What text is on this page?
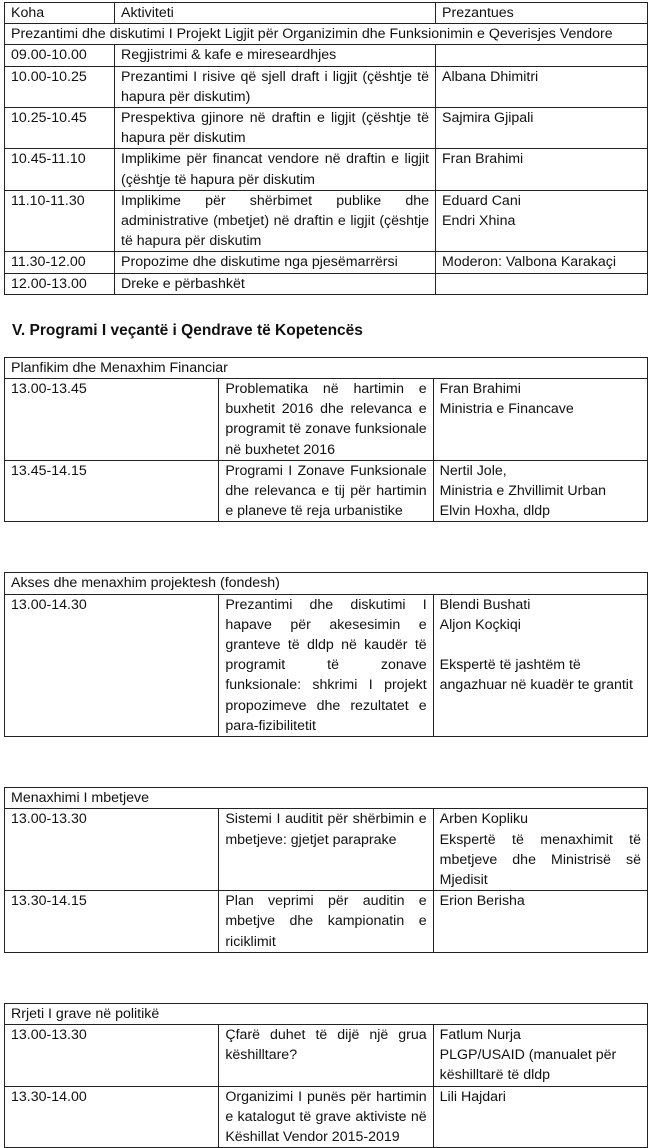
Koha	Aktiviteti	Prezantues
Prezantimi dhe diskutimi I Projekt Ligjit për Organizimin dhe Funksionimin e Qeverisjes Vendore		
09.00-10.00	Regjistrimi & kafe e mireseardhjes	
10.00-10.25	Prezantimi I risive që sjell draft i ligjit (çështje të hapura për diskutim)	Albana Dhimitri
10.25-10.45	Prespektiva gjinore në draftin e ligjit (çështje të hapura për diskutim	Sajmira Gjipali
10.45-11.10	Implikime për financat vendore në draftin e ligjit (çështje të hapura për diskutim	Fran Brahimi
11.10-11.30	Implikime për shërbimet publike dhe administrative (mbetjet) në draftin e ligjit (çështje të hapura për diskutim	Eduard Cani
Endri Xhina

11.30-12.00	Propozime dhe diskutime nga pjesëmarrërsi	Moderon: Valbona Karakaçi
12.00-13.00	Dreke e përbashkët	
V. Programi I veçantë i Qendrave të Kopetencës
Planfikim dhe Menaxhim Financiar		
13.00-13.45	Problematika në hartimin e buxhetit 2016 dhe relevanca e programit të zonave funksionale në buxhetet 2016	Fran Brahimi
Ministria e Financave

13.45-14.15	Programi I Zonave Funksionale dhe relevanca e tij për hartimin e planeve të reja urbanistike	Nertil Jole,
Ministria e Zhvillimit Urban
Elvin Hoxha, dldp
Akses dhe menaxhim projektesh (fondesh)
13.00-14.30	Prezantimi dhe diskutimi I hapave për akesesimin e granteve të dldp në kaudër të programit të zonave funksionale: shkrimi I projekt propozimeve dhe rezultatet e para-fizibilitetit	
Blendi Bushati
Aljon Koçkiqi
Ekspertë të jashtëm të angazhuar në kuadër te grantit
Menaxhimi I mbetjeve		
13.00-13.30	Sistemi I auditit për shërbimin e mbetjeve: gjetjet paraprake	Arben Kopliku
Ekspertë të menaxhimit të mbetjeve dhe Ministrisë së Mjedisit

13.30-14.15	Plan veprimi për auditin e mbetjve dhe kampionatin e riciklimit	Erion Berisha
Rrjeti I grave në politikë		
13.00-13.30	Çfarë duhet të dijë një grua këshilltare?	Fatlum Nurja
PLGP/USAID (manualet për këshilltarë të dldp

13.30-14.00	Organizimi I punës për hartimin e katalogut të grave aktiviste në Këshillat Vendor 2015-2019	Lili Hajdari
